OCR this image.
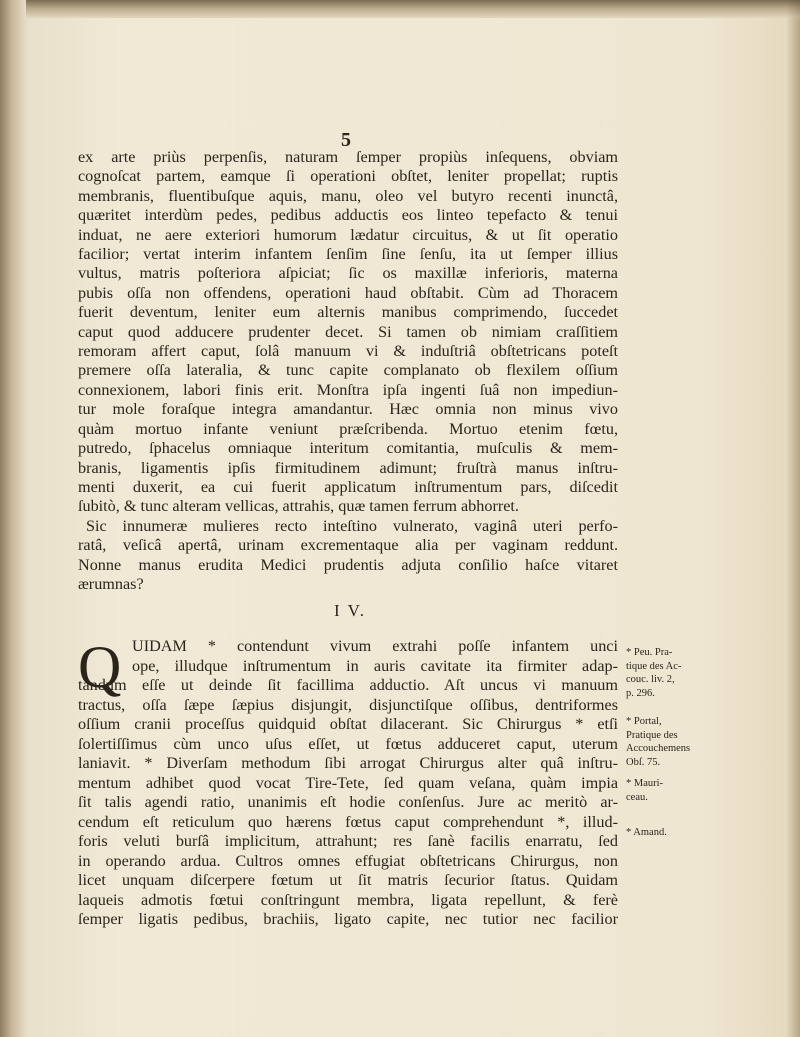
5
ex arte priùs perpenſis, naturam ſemper propiùs inſequens, obviam
cognoſcat partem, eamque ſi operationi obſtet, leniter propellat; ruptis
membranis, fluentibuſque aquis, manu, oleo vel butyro recenti inunctâ,
quæritet interdùm pedes, pedibus adductis eos linteo tepefacto & tenui
induat, ne aere exteriori humorum lædatur circuitus, & ut ſit operatio
facilior; vertat interim infantem ſenſim ſine ſenſu, ita ut ſemper illius
vultus, matris poſteriora aſpiciat; ſic os maxillæ inferioris, materna
pubis oſſa non offendens, operationi haud obſtabit. Cùm ad Thoracem
fuerit deventum, leniter eum alternis manibus comprimendo, ſuccedet
caput quod adducere prudenter decet. Si tamen ob nimiam craſſitiem
remoram affert caput, ſolâ manuum vi & induſtriâ obſtetricans poteſt
premere oſſa lateralia, & tunc capite complanato ob flexilem oſſium
connexionem, labori finis erit. Monſtra ipſa ingenti ſuâ non impediun-
tur mole foraſque integra amandantur. Hæc omnia non minus vivo
quàm mortuo infante veniunt præſcribenda. Mortuo etenim fœtu,
putredo, ſphacelus omniaque interitum comitantia, muſculis & mem-
branis, ligamentis ipſis firmitudinem adimunt; fruſtrà manus inſtru-
menti duxerit, ea cui fuerit applicatum inſtrumentum pars, diſcedit
ſubitò, & tunc alteram vellicas, attrahis, quæ tamen ferrum abhorret.
Sic innumeræ mulieres recto inteſtino vulnerato, vaginâ uteri perfo-
ratâ, veſicâ apertâ, urinam excrementaque alia per vaginam reddunt.
Nonne manus erudita Medici prudentis adjuta conſilio haſce vitaret
ærumnas?
I V.
Q UIDAM * contendunt vivum extrahi poſſe infantem unci
ope, illudque inſtrumentum in auris cavitate ita firmiter adap-
tandum eſſe ut deinde ſit facillima adductio. Aſt uncus vi manuum
tractus, oſſa ſæpe ſæpius disjungit, disjunctiſque oſſibus, dentriformes
oſſium cranii proceſſus quidquid obſtat dilacerant. Sic Chirurgus * etſi
ſolertiſſimus cùm unco uſus eſſet, ut fœtus adduceret caput, uterum
laniavit. * Diverſam methodum ſibi arrogat Chirurgus alter quâ inſtru-
mentum adhibet quod vocat Tire-Tete, ſed quam veſana, quàm impia
ſit talis agendi ratio, unanimis eſt hodie conſenſus. Jure ac meritò ar-
cendum eſt reticulum quo hærens fœtus caput comprehendunt *, illud-
foris veluti burſâ implicitum, attrahunt; res ſanè facilis enarratu, ſed
in operando ardua. Cultros omnes effugiat obſtetricans Chirurgus, non
licet unquam diſcerpere fœtum ut ſit matris ſecurior ſtatus. Quidam
laqueis admotis fœtui conſtringunt membra, ligata repellunt, & ferè
ſemper ligatis pedibus, brachiis, ligato capite, nec tutior nec facilior
* Peu. Pra-
tique des Ac-
couc. liv. 2,
p. 296.
* Portal,
Pratique des
Accouchemens
Obſ. 75.
* Mauri-
ceau.
* Amand.
